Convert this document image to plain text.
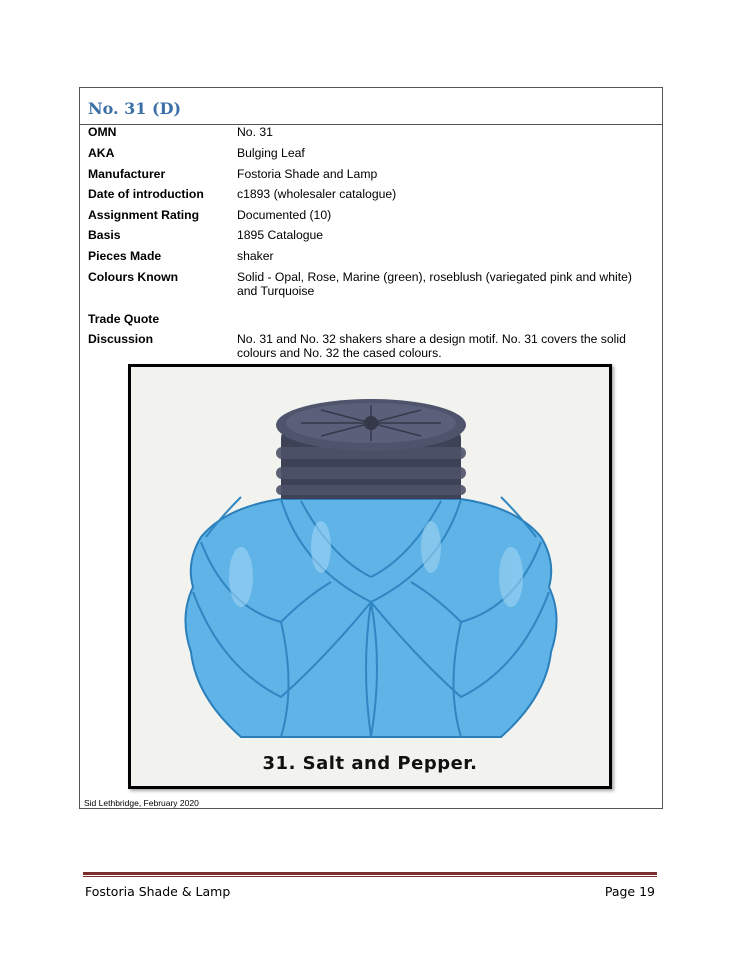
No. 31 (D)
OMN	No. 31
AKA	Bulging Leaf
Manufacturer	Fostoria Shade and Lamp
Date of introduction	c1893 (wholesaler catalogue)
Assignment Rating	Documented (10)
Basis	1895 Catalogue
Pieces Made	shaker
Colours Known	Solid - Opal, Rose, Marine (green), roseblush (variegated pink and white) and Turquoise
Trade Quote
Discussion	No. 31 and No. 32 shakers share a design motif. No. 31 covers the solid colours and No. 32 the cased colours.
31. Salt and Pepper.
Sid Lethbridge, February 2020
Fostoria Shade & Lamp	Page 19
